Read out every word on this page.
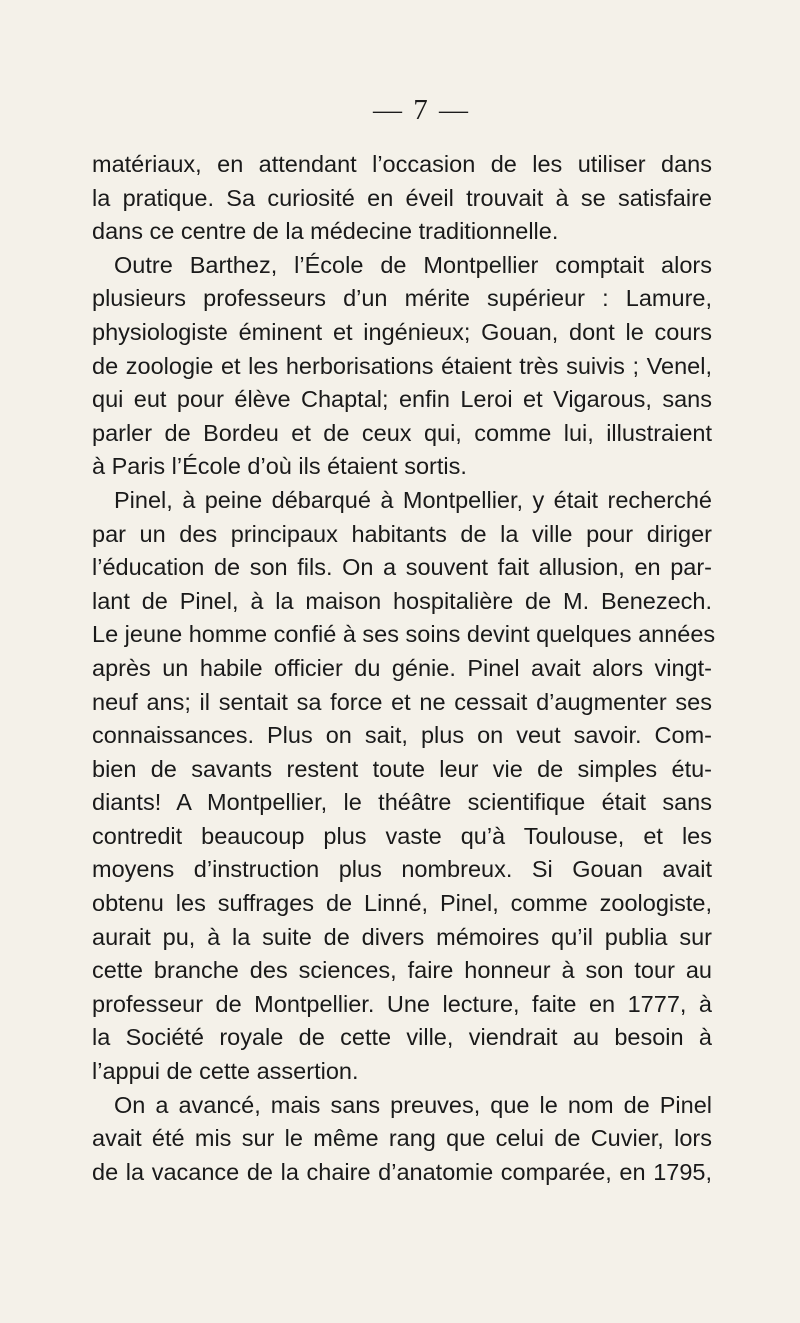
— 7 —
matériaux, en attendant l’occasion de les utiliser dans
la pratique. Sa curiosité en éveil trouvait à se satisfaire
dans ce centre de la médecine traditionnelle.
Outre Barthez, l’École de Montpellier comptait alors
plusieurs professeurs d’un mérite supérieur : Lamure,
physiologiste éminent et ingénieux; Gouan, dont le cours
de zoologie et les herborisations étaient très suivis ; Venel,
qui eut pour élève Chaptal; enfin Leroi et Vigarous, sans
parler de Bordeu et de ceux qui, comme lui, illustraient
à Paris l’École d’où ils étaient sortis.
Pinel, à peine débarqué à Montpellier, y était recherché
par un des principaux habitants de la ville pour diriger
l’éducation de son fils. On a souvent fait allusion, en par-
lant de Pinel, à la maison hospitalière de M. Benezech.
Le jeune homme confié à ses soins devint quelques années
après un habile officier du génie. Pinel avait alors vingt-
neuf ans; il sentait sa force et ne cessait d’augmenter ses
connaissances. Plus on sait, plus on veut savoir. Com-
bien de savants restent toute leur vie de simples étu-
diants! A Montpellier, le théâtre scientifique était sans
contredit beaucoup plus vaste qu’à Toulouse, et les
moyens d’instruction plus nombreux. Si Gouan avait
obtenu les suffrages de Linné, Pinel, comme zoologiste,
aurait pu, à la suite de divers mémoires qu’il publia sur
cette branche des sciences, faire honneur à son tour au
professeur de Montpellier. Une lecture, faite en 1777, à
la Société royale de cette ville, viendrait au besoin à
l’appui de cette assertion.
On a avancé, mais sans preuves, que le nom de Pinel
avait été mis sur le même rang que celui de Cuvier, lors
de la vacance de la chaire d’anatomie comparée, en 1795,
